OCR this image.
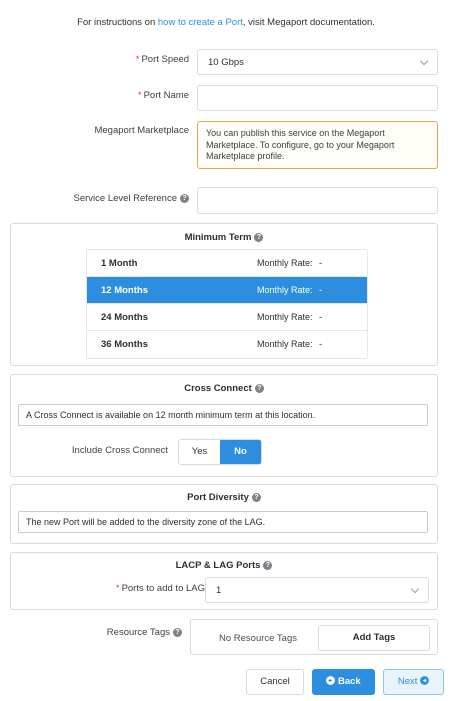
For instructions on how to create a Port, visit Megaport documentation.
* Port Speed 10 Gbps
* Port Name
Megaport Marketplace	You can publish this service on the Megaport Marketplace. To configure, go to your Megaport Marketplace profile.
Service Level Reference ?
Minimum Term ?
1 Month	Monthly Rate: -
12 Months	Monthly Rate: -
24 Months	Monthly Rate: -
36 Months	Monthly Rate: -
Cross Connect ?
A Cross Connect is available on 12 month minimum term at this location.
Include Cross Connect	Yes	No
Port Diversity ?
The new Port will be added to the diversity zone of the LAG.
LACP & LAG Ports ?
* Ports to add to LAG 1
Resource Tags ?
No Resource Tags	Add Tags
Cancel	Back	Next
